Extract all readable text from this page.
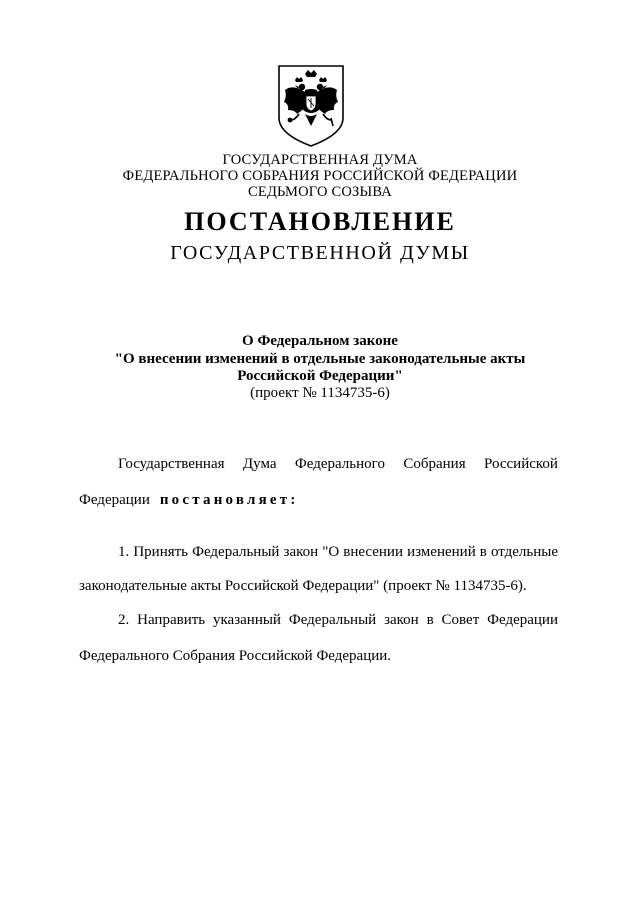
ГОСУДАРСТВЕННАЯ ДУМА
ФЕДЕРАЛЬНОГО СОБРАНИЯ РОССИЙСКОЙ ФЕДЕРАЦИИ
СЕДЬМОГО СОЗЫВА
ПОСТАНОВЛЕНИЕ
ГОСУДАРСТВЕННОЙ ДУМЫ
О Федеральном законе
"О внесении изменений в отдельные законодательные акты
Российской Федерации"
(проект № 1134735-6)
Государственная Дума Федерального Собрания Российской
Федерации постановляет:
1. Принять Федеральный закон "О внесении изменений в отдельные
законодательные акты Российской Федерации" (проект № 1134735-6).
2. Направить указанный Федеральный закон в Совет Федерации
Федерального Собрания Российской Федерации.
